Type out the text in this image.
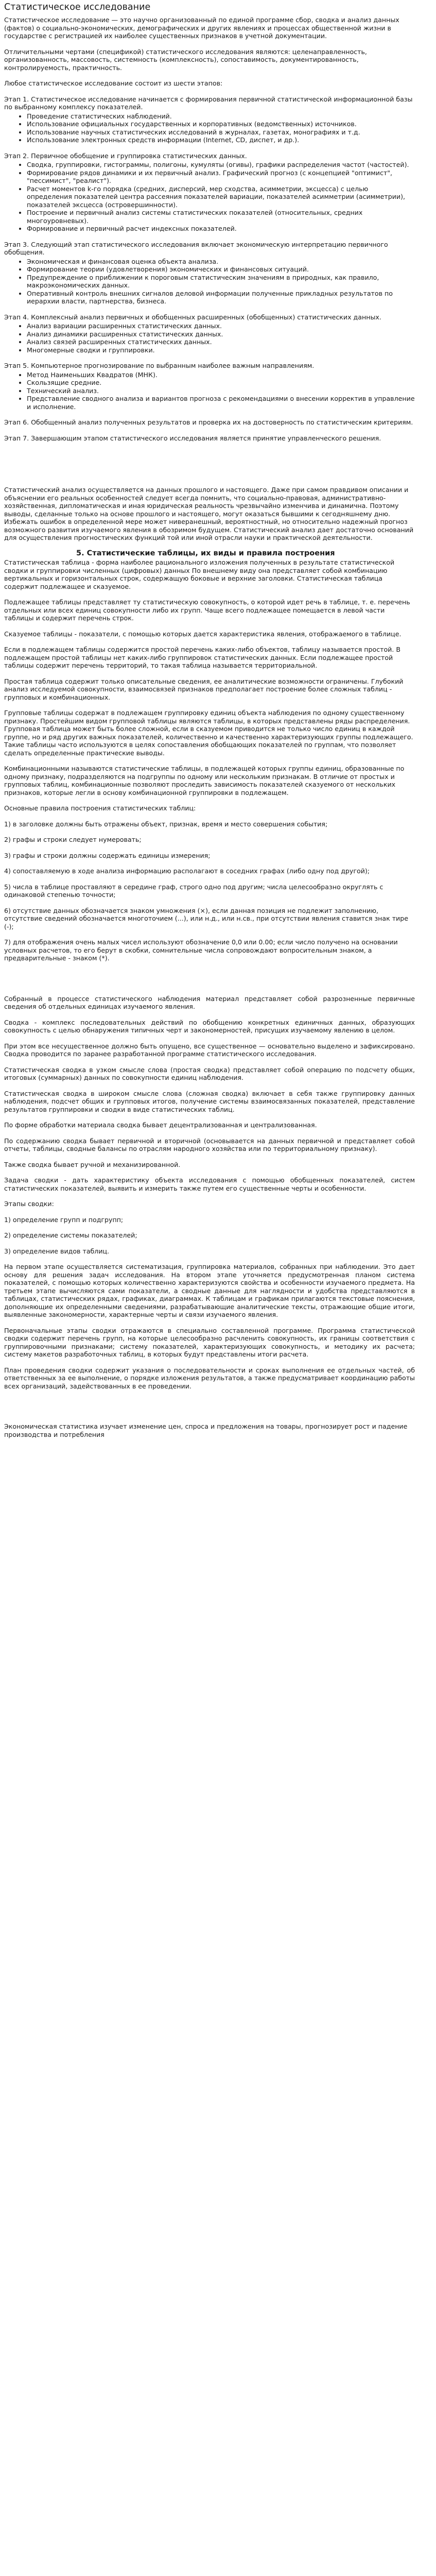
Статистическое исследование

Статистическое исследование — это научно организованный по единой программе сбор, сводка и анализ данных (фактов) о социально-экономических, демографических и других явлениях и процессах общественной жизни в государстве с регистрацией их наиболее существенных признаков в учетной документации.

Отличительными чертами (спецификой) статистического исследования являются: целенаправленность, организованность, массовость, системность (комплексность), сопоставимость, документированность, контролируемость, практичность.

Любое статистическое исследование состоит из шести этапов:

Этап 1. Статистическое исследование начинается с формирования первичной статистической информационной базы по выбранному комплексу показателей.

• Проведение статистических наблюдений.
• Использование официальных государственных и корпоративных (ведомственных) источников.
• Использование научных статистических исследований в журналах, газетах, монографиях и т.д.
• Использование электронных средств информации (Internet, CD, диспет, и др.).

Этап 2. Первичное обобщение и группировка статистических данных.

• Сводка, группировки, гистограммы, полигоны, кумуляты (огивы), графики распределения частот (частостей).
• Формирование рядов динамики и их первичный анализ. Графический прогноз (с концепцией "оптимист", "пессимист", "реалист").
• Расчет моментов k-го порядка (средних, дисперсий, мер сходства, асимметрии, эксцесса) с целью определения показателей центра рассеяния показателей вариации, показателей асимметрии (асимметрии), показателей эксцесса (островершинности).
• Построение и первичный анализ системы статистических показателей (относительных, средних многоуровневых).
• Формирование и первичный расчет индексных показателей.

Этап 3. Следующий этап статистического исследования включает экономическую интерпретацию первичного обобщения.

• Экономическая и финансовая оценка объекта анализа.
• Формирование теории (удовлетворения) экономических и финансовых ситуаций.
• Предупреждение о приближении к пороговым статистическим значениям в природных, как правило, макроэкономических данных.
• Оперативный контроль внешних сигналов деловой информации полученные прикладных результатов по иерархии власти, партнерства, бизнеса.

Этап 4. Комплексный анализ первичных и обобщенных расширенных (обобщенных) статистических данных.

• Анализ вариации расширенных статистических данных.
• Анализ динамики расширенных статистических данных.
• Анализ связей расширенных статистических данных.
• Многомерные сводки и группировки.

Этап 5. Компьютерное прогнозирование по выбранным наиболее важным направлениям.

• Метод Наименьших Квадратов (МНК).
• Скользящие средние.
• Технический анализ.
• Представление сводного анализа и вариантов прогноза с рекомендациями о внесении корректив в управление и исполнение.

Этап 6. Обобщенный анализ полученных результатов и проверка их на достоверность по статистическим критериям.

Этап 7. Завершающим этапом статистического исследования является принятие управленческого решения.

Статистический анализ осуществляется на данных прошлого и настоящего. Даже при самом правдивом описании и объяснении его реальных особенностей следует всегда помнить, что социально-правовая, административно-хозяйственная, дипломатическая и иная юридическая реальность чрезвычайно изменчива и динамична. Поэтому выводы, сделанные только на основе прошлого и настоящего, могут оказаться бывшими к сегодняшнему дню. Избежать ошибок в определенной мере может ниверанешный, вероятностный, но относительно надежный прогноз возможного развития изучаемого явления в обозримом будущем. Статистический анализ дает достаточно оснований для осуществления прогностических функций той или иной отрасли науки и практической деятельности.

5. Статистические таблицы, их виды и правила построения

Статистическая таблица - форма наиболее рационального изложения полученных в результате статистической сводки и группировки численных (цифровых) данных По внешнему виду она представляет собой комбинацию вертикальных и горизонтальных строк, содержащую боковые и верхние заголовки. Статистическая таблица содержит подлежащее и сказуемое.

Подлежащее таблицы представляет ту статистическую совокупность, о которой идет речь в таблице, т. е. перечень отдельных или всех единиц совокупности либо их групп. Чаще всего подлежащее помещается в левой части таблицы и содержит перечень строк.

Сказуемое таблицы - показатели, с помощью которых дается характеристика явления, отображаемого в таблице.

Если в подлежащем таблицы содержится простой перечень каких-либо объектов, таблицу называется простой. В подлежащем простой таблицы нет каких-либо группировок статистических данных. Если подлежащее простой таблицы содержит перечень территорий, то такая таблица называется территориальной.

Простая таблица содержит только описательные сведения, ее аналитические возможности ограничены. Глубокий анализ исследуемой совокупности, взаимосвязей признаков предполагает построение более сложных таблиц - групповых и комбинационных.

Групповые таблицы содержат в подлежащем группировку единиц объекта наблюдения по одному существенному признаку. Простейшим видом групповой таблицы являются таблицы, в которых представлены ряды распределения. Групповая таблица может быть более сложной, если в сказуемом приводится не только число единиц в каждой группе, но и ряд других важных показателей, количественно и качественно характеризующих группы подлежащего. Такие таблицы часто используются в целях сопоставления обобщающих показателей по группам, что позволяет сделать определенные практические выводы.

Комбинационными называются статистические таблицы, в подлежащей которых группы единиц, образованные по одному признаку, подразделяются на подгруппы по одному или нескольким признакам. В отличие от простых и групповых таблиц, комбинационные позволяют проследить зависимость показателей сказуемого от нескольких признаков, которые легли в основу комбинационной группировки в подлежащем.

Основные правила построения статистических таблиц:

1) в заголовке должны быть отражены объект, признак, время и место совершения события;

2) графы и строки следует нумеровать;

3) графы и строки должны содержать единицы измерения;

4) сопоставляемую в ходе анализа информацию располагают в соседних графах (либо одну под другой);

5) числа в таблице проставляют в середине граф, строго одно под другим; числа целесообразно округлять с одинаковой степенью точности;

6) отсутствие данных обозначается знаком умножения (×), если данная позиция не подлежит заполнению, отсутствие сведений обозначается многоточием (...), или н.д., или н.св., при отсутствии явления ставится знак тире (-);

7) для отображения очень малых чисел используют обозначение 0,0 или 0.00; если число получено на основании условных расчетов, то его берут в скобки, сомнительные числа сопровождают вопросительным знаком, а предварительные - знаком (*).

Собранный в процессе статистического наблюдения материал представляет собой разрозненные первичные сведения об отдельных единицах изучаемого явления.

Сводка - комплекс последовательных действий по обобщению конкретных единичных данных, образующих совокупность с целью обнаружения типичных черт и закономерностей, присущих изучаемому явлению в целом.

При этом все несущественное должно быть опущено, все существенное — основательно выделено и зафиксировано. Сводка проводится по заранее разработанной программе статистического исследования.

Статистическая сводка в узком смысле слова (простая сводка) представляет собой операцию по подсчету общих, итоговых (суммарных) данных по совокупности единиц наблюдения.

Статистическая сводка в широком смысле слова (сложная сводка) включает в себя также группировку данных наблюдения, подсчет общих и групповых итогов, получение системы взаимосвязанных показателей, представление результатов группировки и сводки в виде статистических таблиц.

По форме обработки материала сводка бывает децентрализованная и централизованная.

По содержанию сводка бывает первичной и вторичной (основывается на данных первичной и представляет собой отчеты, таблицы, сводные балансы по отраслям народного хозяйства или по территориальному признаку).

Также сводка бывает ручной и механизированной.

Задача сводки - дать характеристику объекта исследования с помощью обобщенных показателей, систем статистических показателей, выявить и измерить также путем его существенные черты и особенности.

Этапы сводки:

1) определение групп и подгрупп;

2) определение системы показателей;

3) определение видов таблиц.

На первом этапе осуществляется систематизация, группировка материалов, собранных при наблюдении. Это дает основу для решения задач исследования. На втором этапе уточняется предусмотренная планом система показателей, с помощью которых количественно характеризуются свойства и особенности изучаемого предмета. На третьем этапе вычисляются сами показатели, а сводные данные для наглядности и удобства представляются в таблицах, статистических рядах, графиках, диаграммах. К таблицам и графикам прилагаются текстовые пояснения, дополняющие их определенными сведениями, разрабатывающие аналитические тексты, отражающие общие итоги, выявленные закономерности, характерные черты и связи изучаемого явления.

Первоначальные этапы сводки отражаются в специально составленной программе. Программа статистической сводки содержит перечень групп, на которые целесообразно расчленить совокупность, их границы соответствия с группировочными признаками; систему показателей, характеризующих совокупность, и методику их расчета; систему макетов разработочных таблиц, в которых будут представлены итоги расчета.

План проведения сводки содержит указания о последовательности и сроках выполнения ее отдельных частей, об ответственных за ее выполнение, о порядке изложения результатов, а также предусматривает координацию работы всех организаций, задействованных в ее проведении.

Экономическая статистика изучает изменение цен, спроса и предложения на товары, прогнозирует рост и падение производства и потребления
